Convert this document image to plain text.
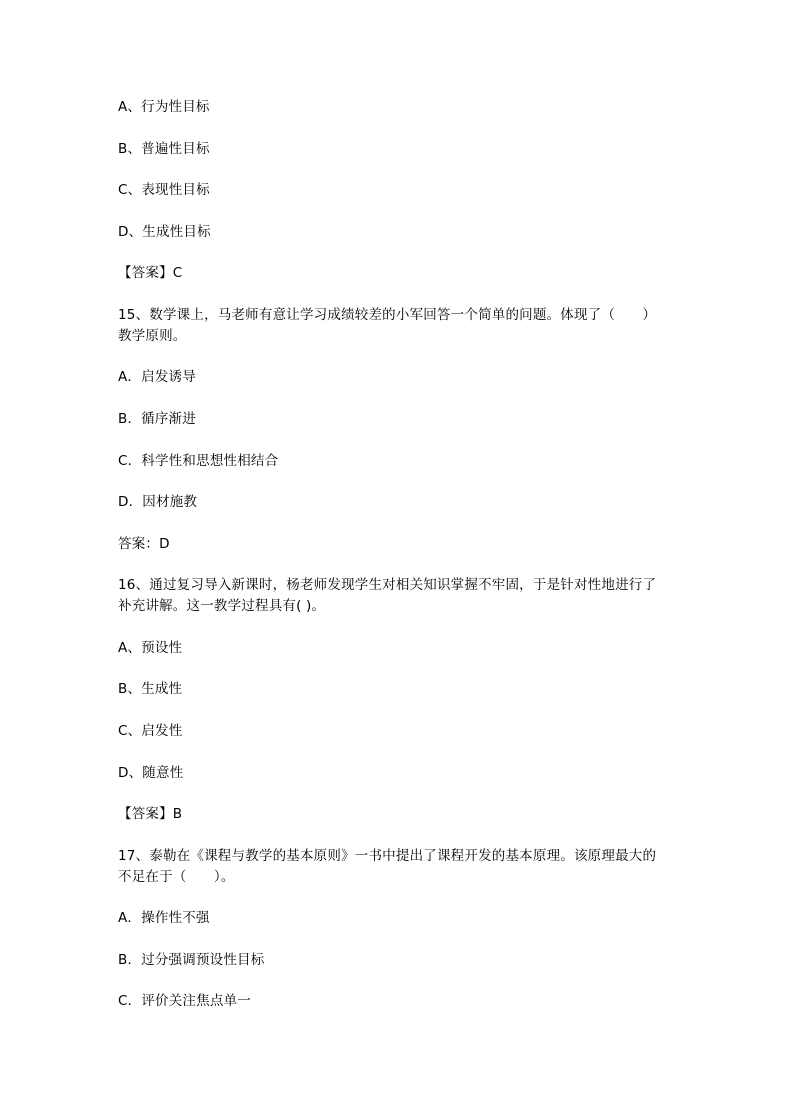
A、行为性目标
B、普遍性目标
C、表现性目标
D、生成性目标
【答案】C
15、数学课上，马老师有意让学习成绩较差的小军回答一个简单的问题。体现了（　　）
教学原则。
A．启发诱导
B．循序渐进
C．科学性和思想性相结合
D．因材施教
答案：D
16、通过复习导入新课时，杨老师发现学生对相关知识掌握不牢固，于是针对性地进行了
补充讲解。这一教学过程具有( )。
A、预设性
B、生成性
C、启发性
D、随意性
【答案】B
17、泰勒在《课程与教学的基本原则》一书中提出了课程开发的基本原理。该原理最大的
不足在于（　　）。
A．操作性不强
B．过分强调预设性目标
C．评价关注焦点单一
